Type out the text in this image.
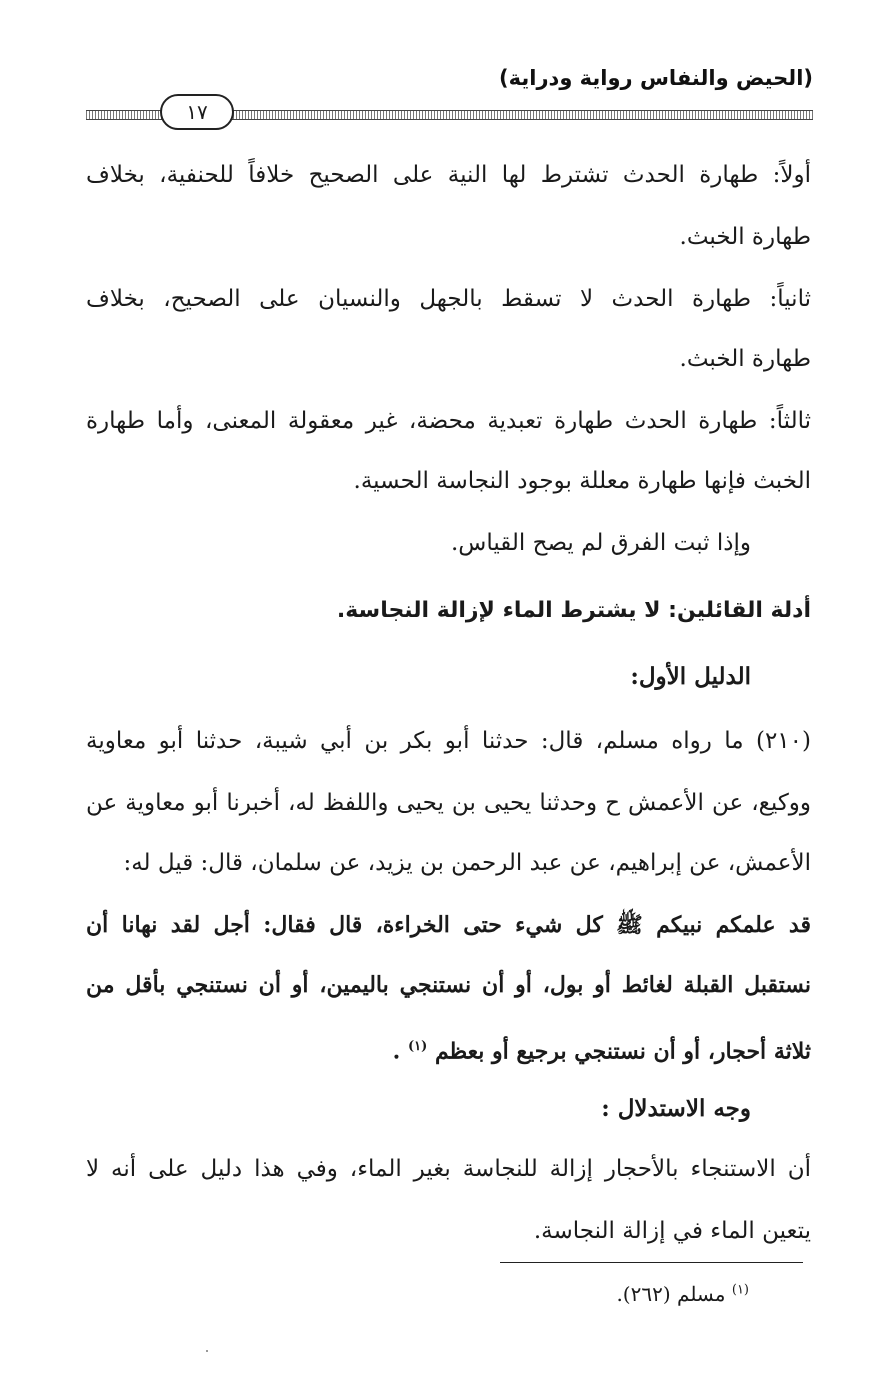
(الحيض والنفاس رواية ودراية)
١٧
أولاً: طهارة الحدث تشترط لها النية على الصحيح خلافاً للحنفية، بخلاف
طهارة الخبث.
ثانياً: طهارة الحدث لا تسقط بالجهل والنسيان على الصحيح، بخلاف
طهارة الخبث.
ثالثاً: طهارة الحدث طهارة تعبدية محضة، غير معقولة المعنى، وأما طهارة
الخبث فإنها طهارة معللة بوجود النجاسة الحسية.
وإذا ثبت الفرق لم يصح القياس.
أدلة القائلين: لا يشترط الماء لإزالة النجاسة.
الدليل الأول:
(٢١٠) ما رواه مسلم، قال: حدثنا أبو بكر بن أبي شيبة، حدثنا أبو معاوية
ووكيع، عن الأعمش ح وحدثنا يحيى بن يحيى واللفظ له، أخبرنا أبو معاوية عن
الأعمش، عن إبراهيم، عن عبد الرحمن بن يزيد، عن سلمان، قال: قيل له:
قد علمكم نبيكم ﷺ كل شيء حتى الخراءة، قال فقال: أجل لقد نهانا أن
نستقبل القبلة لغائط أو بول، أو أن نستنجي باليمين، أو أن نستنجي بأقل من
ثلاثة أحجار، أو أن نستنجي برجيع أو بعظم $^{(١)}$ .
وجه الاستدلال :
أن الاستنجاء بالأحجار إزالة للنجاسة بغير الماء، وفي هذا دليل على أنه لا
يتعين الماء في إزالة النجاسة.
$^{(١)}$ مسلم (٢٦٢).
